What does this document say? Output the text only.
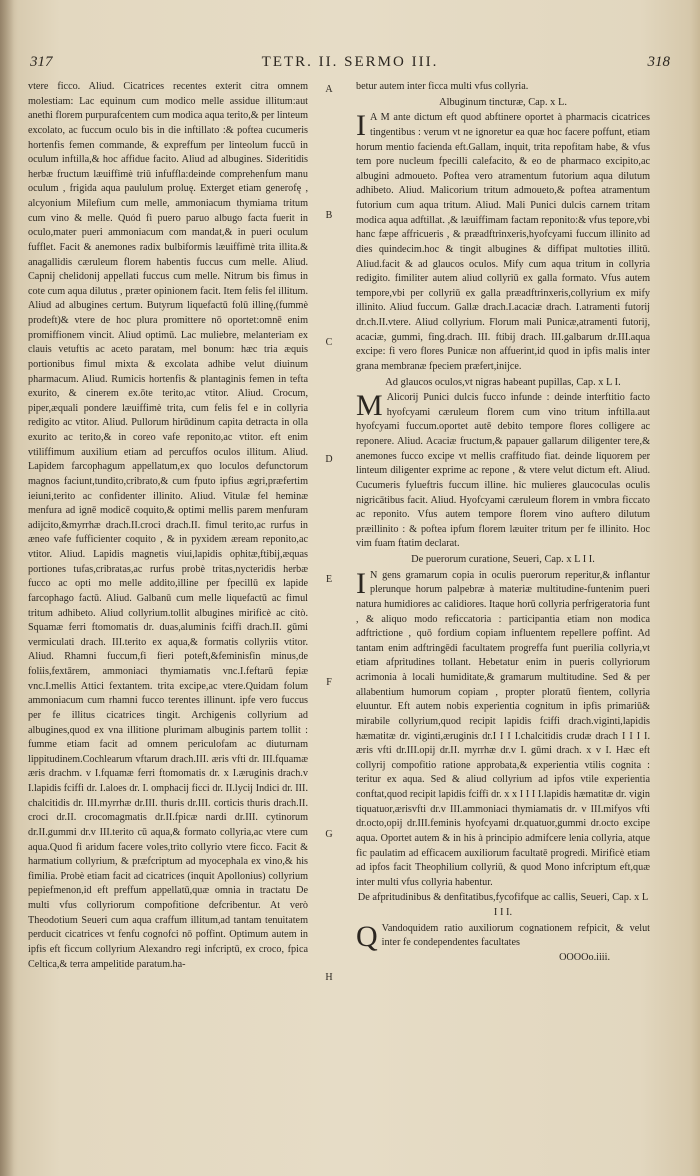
317	TETR. II. SERMO III.	318

vtere ficco. Aliud. Cicatrices recentes exterit citra omnem molestiam: Lac equinum cum modico melle assidue illitum:aut anethi florem purpurafcentem cum modica aqua terito,& per linteum excolato, ac fuccum oculo bis in die inftillato :& poftea cucumeris hortenfis femen commande, & expreffum per linteolum fuccū in oculum inftilla,& hoc affidue facito. Aliud ad albugines. Sideritidis herbæ fructum læuiffimè triū infuffla:deinde comprehenfum manu oculum , frigida aqua paululum proluę. Exterget etiam generofę , alcyonium Milefium cum melle, ammoniacum thymiama tritum cum vino & melle. Quód fi puero paruo albugo facta fuerit in oculo,mater pueri ammoniacum com mandat,& in pueri oculum fufflet. Facit & anemones radix bulbiformis læuiffimè trita illita.& anagallidis cæruleum florem habentis fuccus cum melle. Aliud. Capnij chelidonij appellati fuccus cum melle. Nitrum bis fimus in cote cum aqua dilutus , præter opinionem facit. Item felis fel illitum. Aliud ad albugines certum. Butyrum liquefactū folū illinę,(fummè prodeft)& vtere de hoc plura promittere nō oportet:omnē enim promiffionem vincit. Aliud optimū. Lac muliebre, melanteriam ex clauis vetuftis ac aceto paratam, mel bonum: hæc tria æquis portionibus fimul mixta & excolata adhibe velut diuinum pharmacum. Aliud. Rumicis hortenfis & plantaginis femen in tefta exurito, & cinerem ex.ōte terito,ac vtitor. Aliud. Crocum, piper,æquali pondere læuiffimè trita, cum felis fel e in collyria redigito ac vtitor. Aliud. Pullorum hirūdinum capita detracta in olla exurito ac terito,& in coreo vafe reponito,ac vtitor. eft enim vtiliffimum auxilium etiam ad percuffos oculos illitum. Aliud. Lapidem farcophagum appellatum,ex quo loculos defunctorum magnos faciunt,tundito,cribrato,& cum fputo ipfius ægri,præfertim ieiuni,terito ac confidenter illinito. Aliud. Vitulæ fel heminæ menfura ad ignē modicē coquito,& optimi mellis parem menfuram adijcito,&myrrhæ drach.II.croci drach.II. fimul terito,ac rurfus in æneo vafe fufficienter coquito , & in pyxidem æream reponito,ac vtitor. Aliud. Lapidis magnetis viui,lapidis ophitæ,ftibij,æquas portiones tufas,cribratas,ac rurfus probè tritas,nycteridis herbæ fucco ac opti mo melle addito,illine per fpecillū ex lapide farcophago factū. Aliud. Galbanū cum melle liquefactū ac fimul tritum adhibeto. Aliud collyrium.tollit albugines mirificè ac citò. Squamæ ferri ftomomatis dr. duas,aluminis fciffi drach.II. gūmi vermiculati drach. III.terito ex aqua,& formatis collyriis vtitor. Aliud. Rhamni fuccum,fi fieri poteft,&feminisfin minus,de foliis,fextārem, ammoniaci thymiamatis vnc.I.feftarū fepiæ vnc.I.mellis Attici fextantem. trita excipe,ac vtere.Quidam folum ammoniacum cum rhamni fucco terentes illinunt. ipfe vero fuccus per fe illitus cicatrices tingit. Archigenis collyrium ad albugines,quod ex vna illitione plurimam albuginis partem tollit : fumme etiam facit ad omnem periculofam ac diuturnam lippitudinem.Cochlearum vftarum drach.III. æris vfti dr. III.fquamæ æris drachm. v I.fquamæ ferri ftomomatis dr. x I.æruginis drach.v I.lapidis fciffi dr. I.aloes dr. I. omphacij ficci dr. II.lycij Indici dr. III. chalcitidis dr. III.myrrhæ dr.III. thuris dr.III. corticis thuris drach.II. croci dr.II. crocomagmatis dr.II.fpicæ nardi dr.III. cytinorum dr.II.gummi dr.v III.terito cū aqua,& formato collyria,ac vtere cum aqua.Quod fi aridum facere voles,trito collyrio vtere ficco. Facit & harmatium collyrium, & præfcriptum ad myocephala ex vino,& his fimilia. Probè etiam facit ad cicatrices (inquit Apollonius) collyrium pepiefmenon,id eft preffum appellatū,quæ omnia in tractatu De multi vfus collyriorum compofitione defcribentur. At verò Theodotium Seueri cum aqua craffum illitum,ad tantam tenuitatem perducit cicatrices vt fenfu cognofci nō poffint. Optimum autem in ipfis eft ficcum collyrium Alexandro regi infcriptū, ex croco, fpica Celtica,& terra ampelitide paratum.ha-

A
B
C
D
E
F
G
H

betur autem inter ficca multi vfus collyria.

Albuginum tincturæ, Cap. x L.

I A M ante dictum eft quod abftinere oportet à pharmacis cicatrices tingentibus : verum vt ne ignoretur ea quæ hoc facere poffunt, etiam horum mentio facienda eft.Gallam, inquit, trita repofitam habe, & vfus tem pore nucleum fpecilli calefacito, & eo de pharmaco excipito,ac albugini admoueto. Poftea vero atramentum futorium aqua dilutum adhibeto. Aliud. Malicorium tritum admoueto,& poftea atramentum futorium cum aqua tritum. Aliud. Mali Punici dulcis carnem tritam modica aqua adftillat. ,& læuiffimam factam reponito:& vfus tepore,vbi hanc fæpe affricueris , & præadftrinxeris,hyofcyami fuccum illinito ad dies quindecim.hoc & tingit albugines & diffipat multoties illitū. Aliud.facit & ad glaucos oculos. Mify cum aqua tritum in collyria redigito. fimiliter autem aliud collyriū ex galla formato. Vfus autem tempore,vbi per collyriū ex galla præadftrinxeris,collyrium ex mify illinito. Aliud fuccum. Gallæ drach.I.acaciæ drach. I.atramenti futorij dr.ch.II.vtere. Aliud collyrium. Florum mali Punicæ,atramenti futorij, acaciæ, gummi, fing.drach. III. ftibij drach. III.galbarum dr.III.aqua excipe: fi vero flores Punicæ non affuerint,id quod in ipfis malis inter grana membranæ fpeciem præfert,inijce.

Ad glaucos oculos,vt nigras habeant pupillas, Cap. x L I.

M Alicorij Punici dulcis fucco infunde : deinde interftitio facto hyofcyami cæruleum florem cum vino tritum inftilla.aut hyofcyami fuccum.oportet autē debito tempore flores colligere ac reponere. Aliud. Acaciæ fructum,& papauer gallarum diligenter tere,& anemones fucco excipe vt mellis craffitudo fiat. deinde liquorem per linteum diligenter exprime ac repone , & vtere velut dictum eft. Aliud. Cucumeris fylueftris fuccum illine. hic mulieres glaucoculas oculis nigricātibus facit. Aliud. Hyofcyami cæruleum florem in vmbra ficcato ac reponito. Vfus autem tempore florem vino auftero dilutum præillinito : & poftea ipfum florem læuiter tritum per fe illinito. Hoc vim fuam ftatim declarat.

De puerorum curatione, Seueri, Cap. x L I I.

I N gens gramarum copia in oculis puerorum reperitur,& inflantur plerunque horum palpebræ à materiæ multitudine-funtenim pueri natura humidiores ac calidiores. Itaque horū collyria perfrigeratoria funt , & aliquo modo reficcatoria : participantia etiam non modica adftrictione , quō fordium copiam influentem repellere poffint. Ad tantam enim adftringēdi facultatem progreffa funt puerilia collyria,vt etiam afpritudines tollant. Hebetatur enim in pueris collyriorum acrimonia à locali humiditate,& gramarum multitudine. Sed & per allabentium humorum copiam , propter ploratū fientem, collyria eluuntur. Eft autem nobis experientia cognitum in ipfis primariū& mirabile collyrium,quod recipit lapidis fciffi drach.viginti,lapidis hæmatitæ dr. viginti,æruginis dr.I I I I.chalcitidis crudæ drach I I I I. æris vfti dr.III.opij dr.II. myrrhæ dr.v I. gūmi drach. x v I. Hæc eft collyrij compofitio ratione approbata,& experientia vtilis cognita : teritur ex aqua. Sed & aliud collyrium ad ipfos vtile experientia conftat,quod recipit lapidis fciffi dr. x x I I I I.lapidis hæmatitæ dr. vigin tiquatuor,ærisvfti dr.v III.ammoniaci thymiamatis dr. v III.mifyos vfti dr.octo,opij dr.III.feminis hyofcyami dr.quatuor,gummi dr.octo excipe aqua. Oportet autem & in his à principio admifcere lenia collyria, atque fic paulatim ad efficacem auxiliorum facultatē progredi. Mirificè etiam ad ipfos facit Theophilium collyriū, & quod Mono infcriptum eft,quæ inter multi vfus collyria habentur.

De afpritudinibus & denfitatibus,fycofifque ac callis, Seueri, Cap. x L I I I.

Q Vandoquidem ratio auxiliorum cognationem refpicit, & velut inter fe condependentes facultates

OOOOo.iiii.
